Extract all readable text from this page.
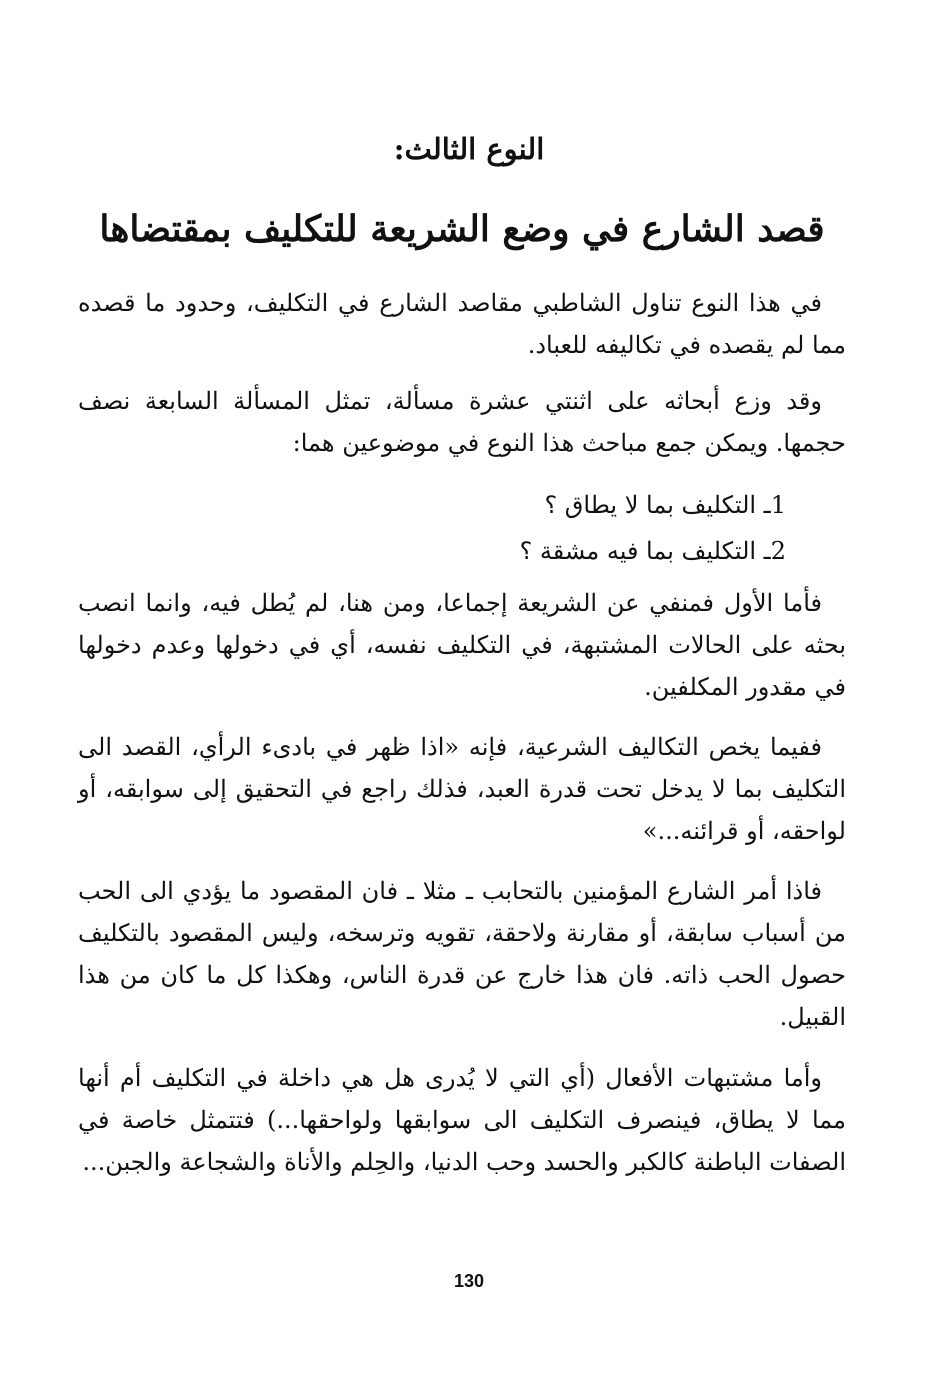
النوع الثالث:
قصد الشارع في وضع الشريعة للتكليف بمقتضاها

في هذا النوع تناول الشاطبي مقاصد الشارع في التكليف، وحدود ما قصده مما لم يقصده في تكاليفه للعباد.

وقد وزع أبحاثه على اثنتي عشرة مسألة، تمثل المسألة السابعة نصف حجمها. ويمكن جمع مباحث هذا النوع في موضوعين هما:

1ـ التكليف بما لا يطاق ؟
2ـ التكليف بما فيه مشقة ؟

فأما الأول فمنفي عن الشريعة إجماعا، ومن هنا، لم يُطل فيه، وانما انصب بحثه على الحالات المشتبهة، في التكليف نفسه، أي في دخولها وعدم دخولها في مقدور المكلفين.

ففيما يخص التكاليف الشرعية، فإنه «اذا ظهر في بادىء الرأي، القصد الى التكليف بما لا يدخل تحت قدرة العبد، فذلك راجع في التحقيق إلى سوابقه، أو لواحقه، أو قرائنه...»

فاذا أمر الشارع المؤمنين بالتحابب ـ مثلا ـ فان المقصود ما يؤدي الى الحب من أسباب سابقة، أو مقارنة ولاحقة، تقويه وترسخه، وليس المقصود بالتكليف حصول الحب ذاته. فان هذا خارج عن قدرة الناس، وهكذا كل ما كان من هذا القبيل.

وأما مشتبهات الأفعال (أي التي لا يُدرى هل هي داخلة في التكليف أم أنها مما لا يطاق، فينصرف التكليف الى سوابقها ولواحقها...) فتتمثل خاصة في الصفات الباطنة كالكبر والحسد وحب الدنيا، والحِلم والأناة والشجاعة والجبن...

130
